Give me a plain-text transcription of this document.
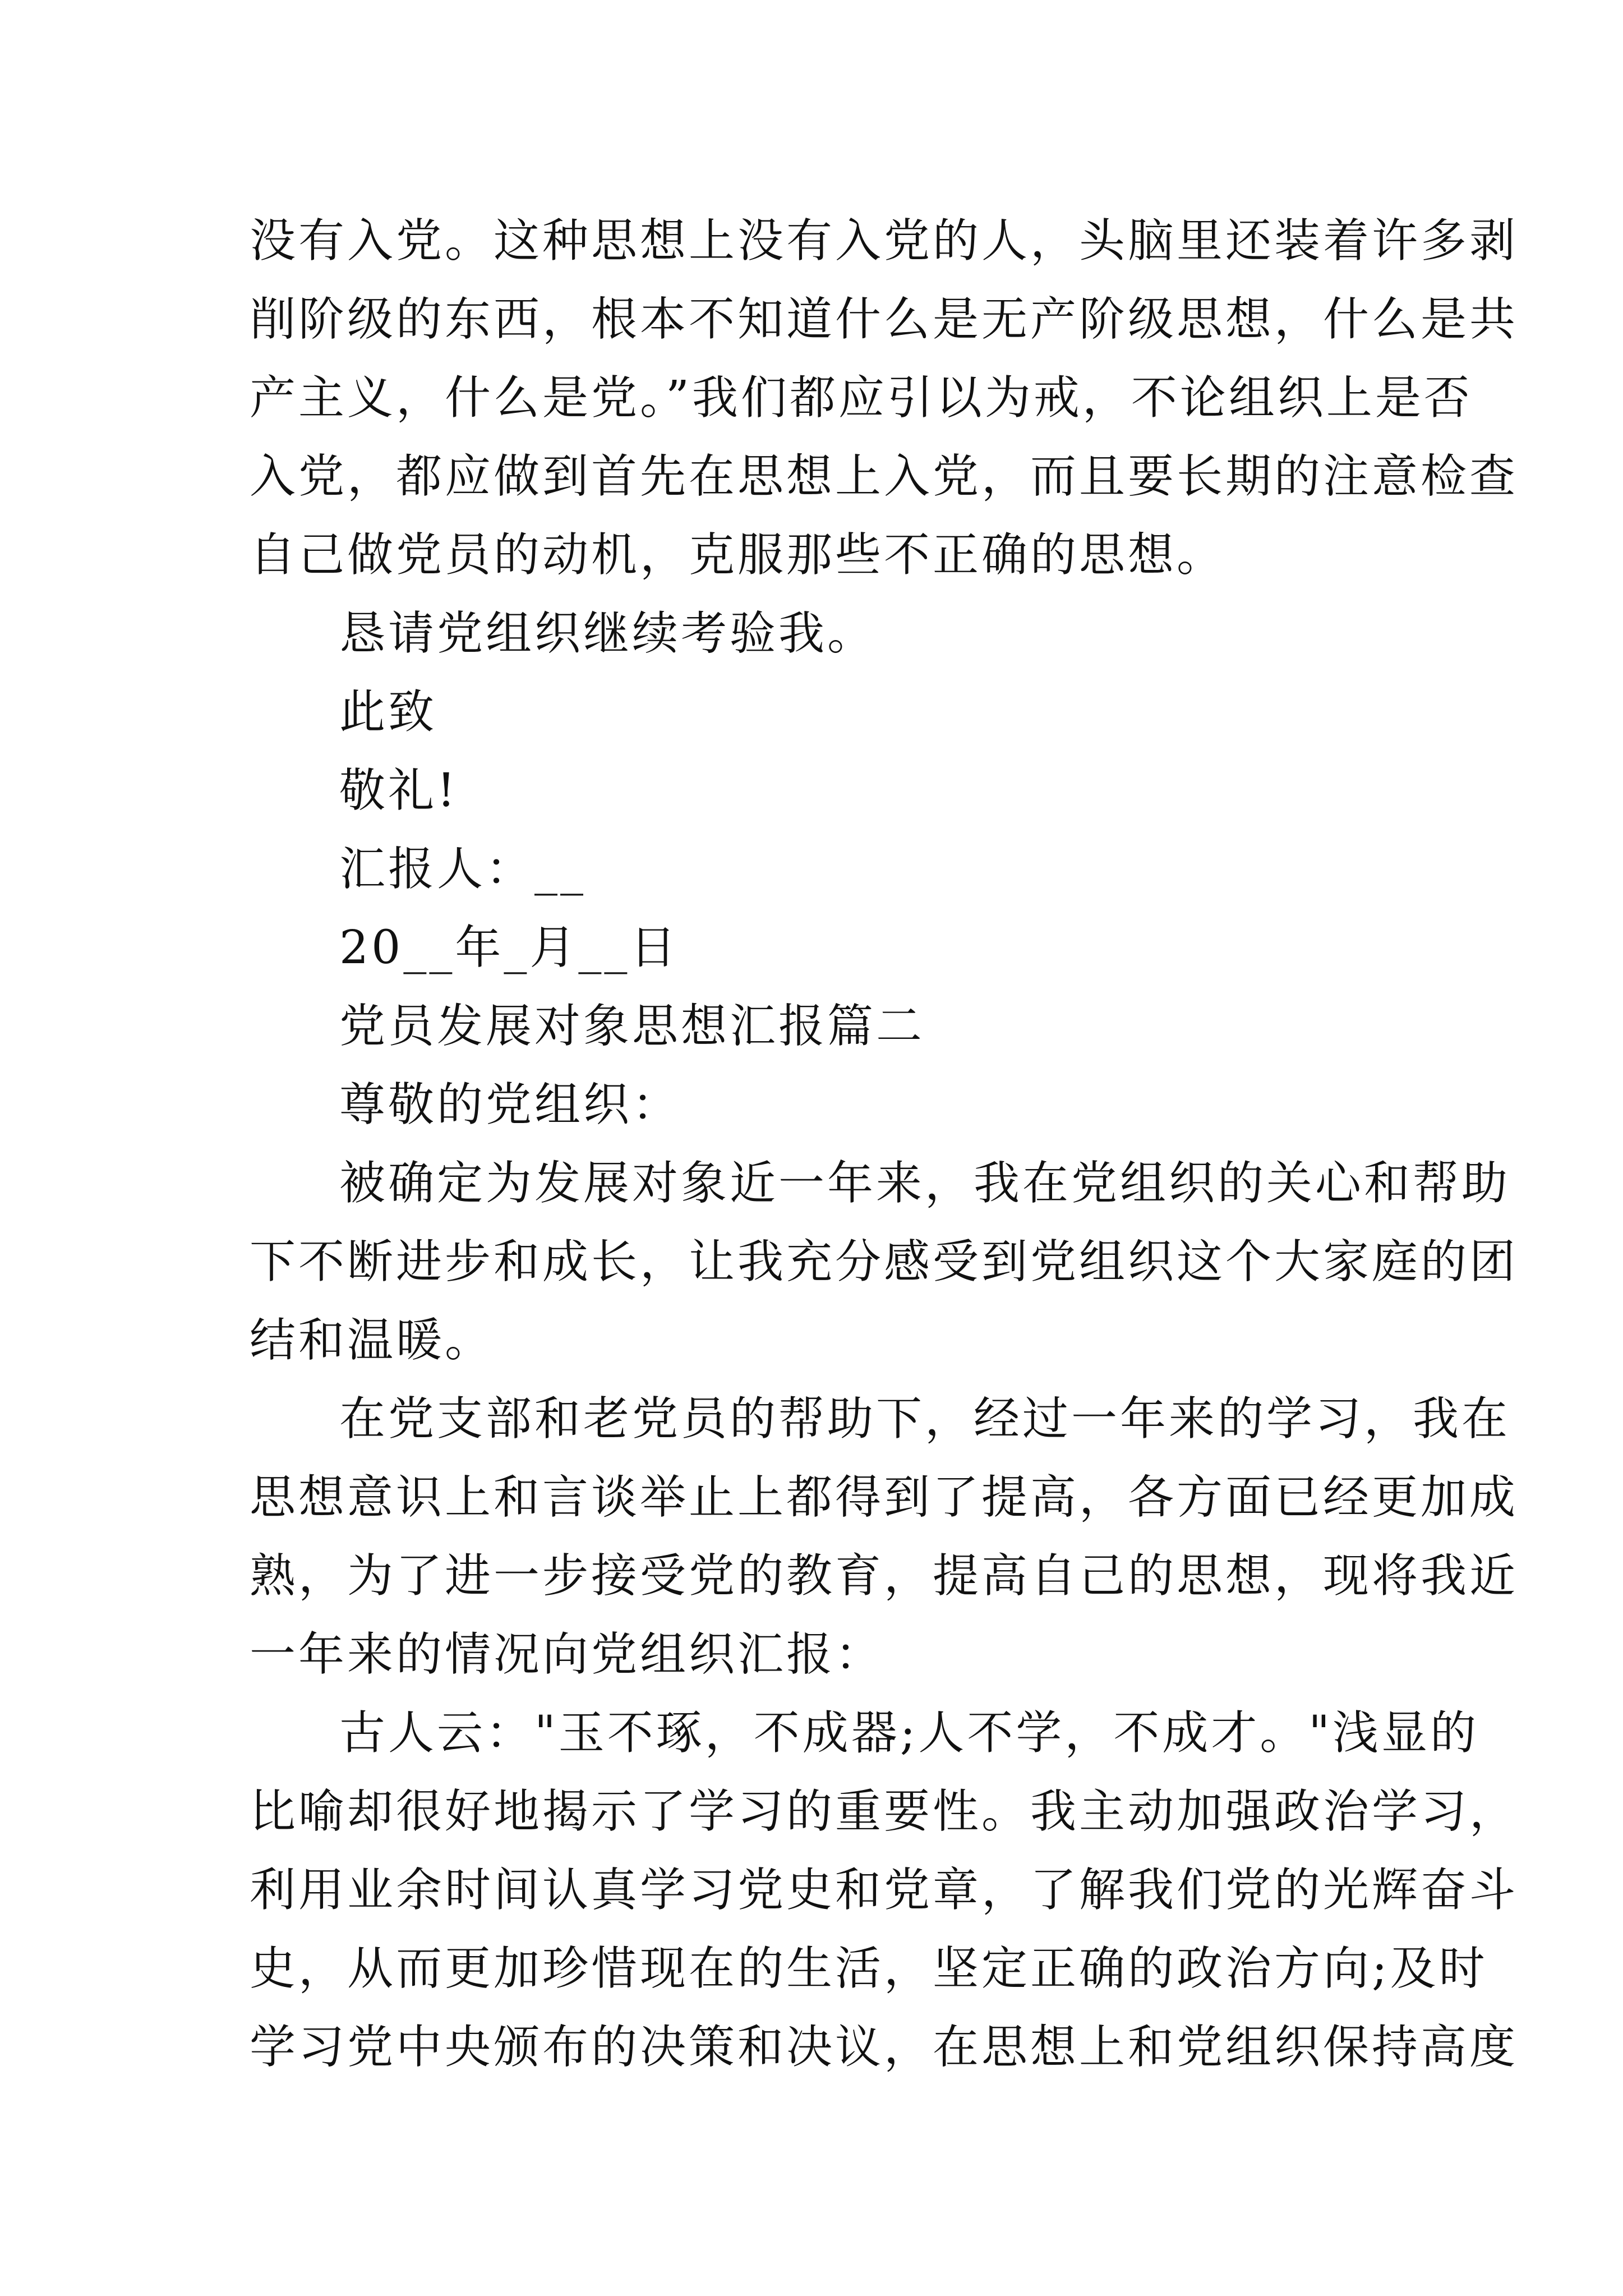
没有入党。这种思想上没有入党的人，头脑里还装着许多剥
削阶级的东西，根本不知道什么是无产阶级思想，什么是共
产主义，什么是党。”我们都应引以为戒，不论组织上是否
入党，都应做到首先在思想上入党，而且要长期的注意检查
自己做党员的动机，克服那些不正确的思想。
恳请党组织继续考验我。
此致
敬礼!
汇报人：__
20__年_月__日
党员发展对象思想汇报篇二
尊敬的党组织：
被确定为发展对象近一年来，我在党组织的关心和帮助
下不断进步和成长，让我充分感受到党组织这个大家庭的团
结和温暖。
在党支部和老党员的帮助下，经过一年来的学习，我在
思想意识上和言谈举止上都得到了提高，各方面已经更加成
熟，为了进一步接受党的教育，提高自己的思想，现将我近
一年来的情况向党组织汇报：
古人云："玉不琢，不成器;人不学，不成才。"浅显的
比喻却很好地揭示了学习的重要性。我主动加强政治学习，
利用业余时间认真学习党史和党章，了解我们党的光辉奋斗
史，从而更加珍惜现在的生活，坚定正确的政治方向;及时
学习党中央颁布的决策和决议，在思想上和党组织保持高度
